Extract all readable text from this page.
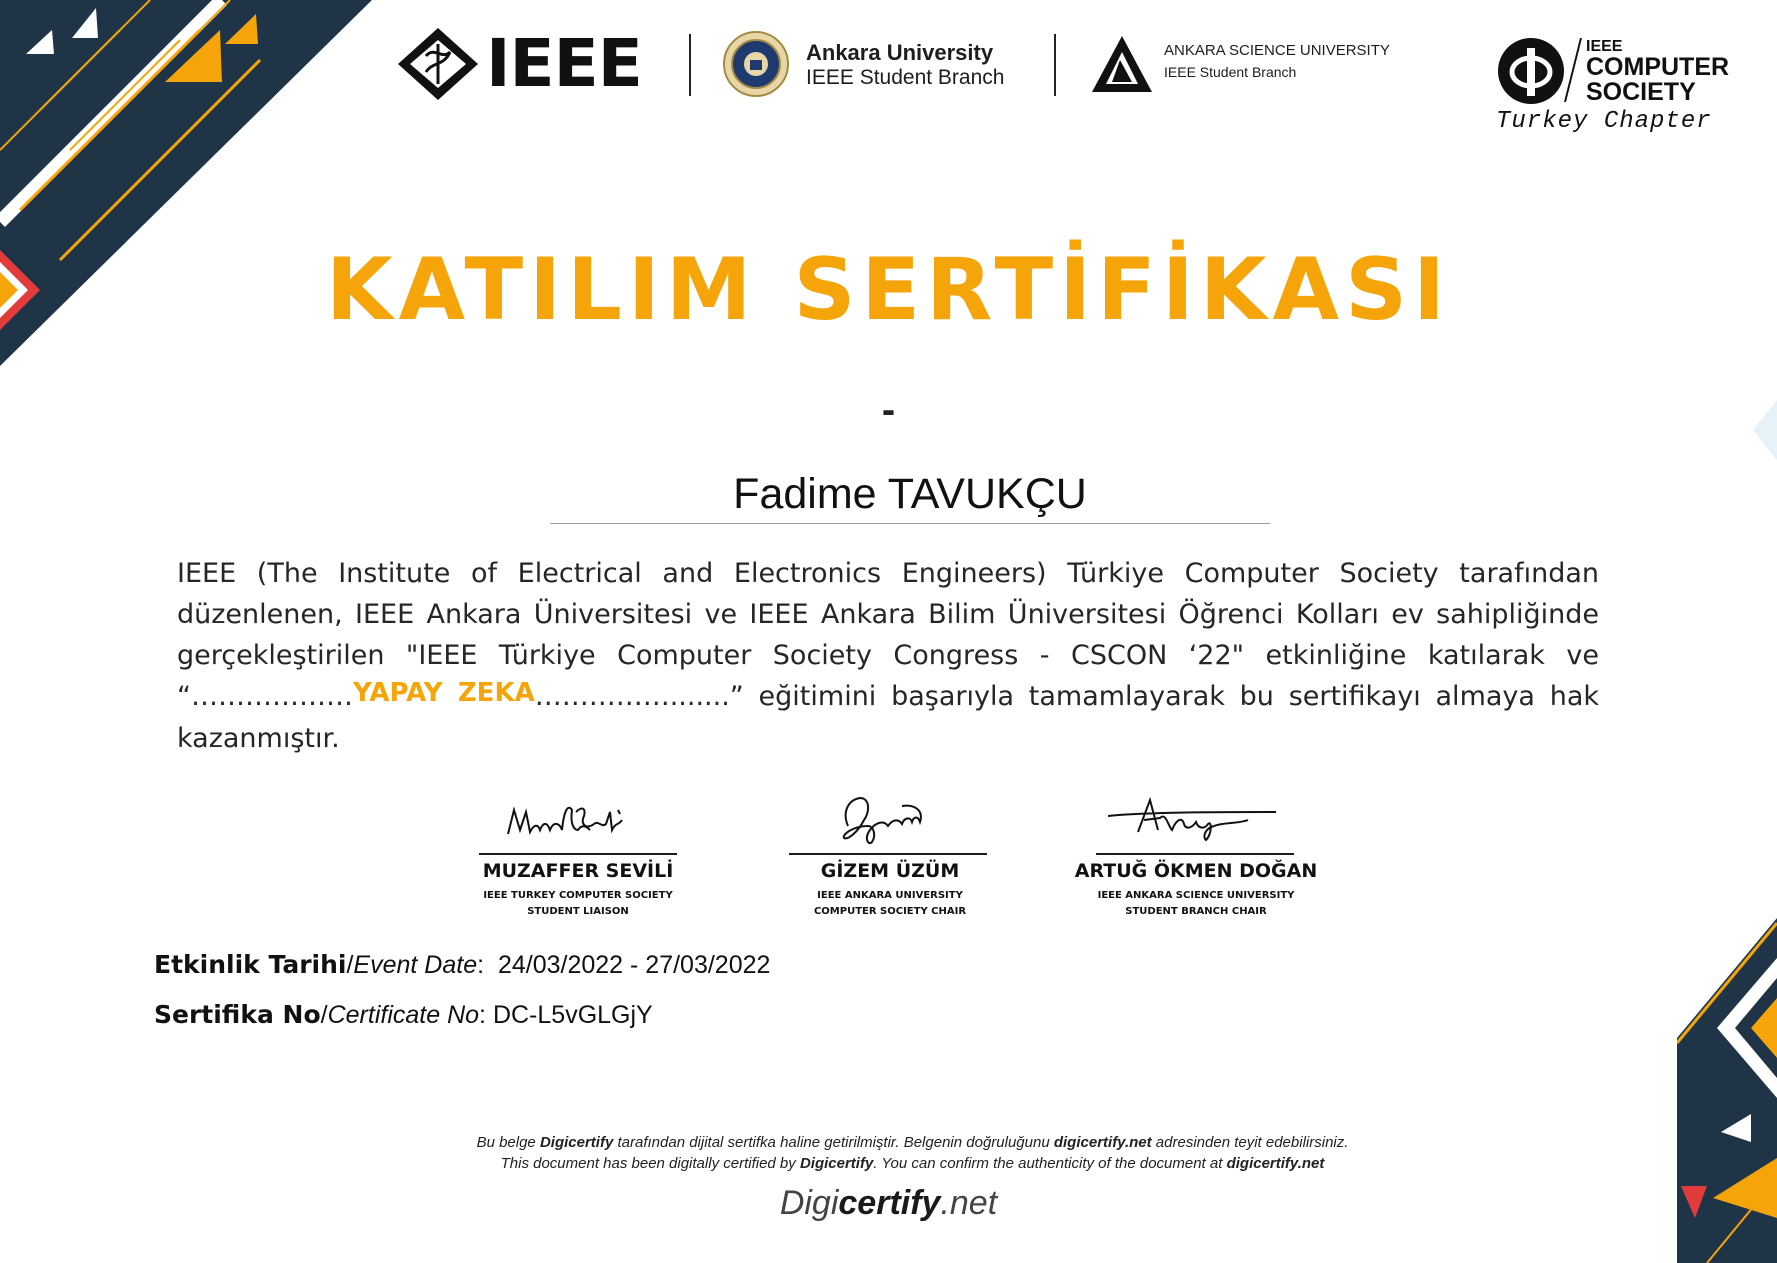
IEEE	Ankara University
IEEE Student Branch
ANKARA SCIENCE UNIVERSITY
IEEE Student Branch
IEEE
COMPUTER
SOCIETY
Turkey Chapter
KATILIM SERTİFİKASI
-
Fadime TAVUKÇU
IEEE (The Institute of Electrical and Electronics Engineers) Türkiye Computer Society tarafından düzenlenen, IEEE Ankara Üniversitesi ve IEEE Ankara Bilim Üniversitesi Öğrenci Kolları ev sahipliğinde gerçekleştirilen "IEEE Türkiye Computer Society Congress - CSCON ‘22" etkinliğine katılarak ve “………………YAPAY ZEKA…………….......” eğitimini başarıyla tamamlayarak bu sertifikayı almaya hak kazanmıştır.
MUZAFFER SEVİLİ
IEEE TURKEY COMPUTER SOCIETY
STUDENT LIAISON
GİZEM ÜZÜM
IEEE ANKARA UNIVERSITY
COMPUTER SOCIETY CHAIR
ARTUĞ ÖKMEN DOĞAN
IEEE ANKARA SCIENCE UNIVERSITY
STUDENT BRANCH CHAIR
Etkinlik Tarihi/Event Date:  24/03/2022 - 27/03/2022
Sertifika No/Certificate No: DC-L5vGLGjY
Bu belge Digicertify tarafından dijital sertifka haline getirilmiştir. Belgenin doğruluğunu digicertify.net adresinden teyit edebilirsiniz.
This document has been digitally certified by Digicertify. You can confirm the authenticity of the document at digicertify.net
Digicertify.net
